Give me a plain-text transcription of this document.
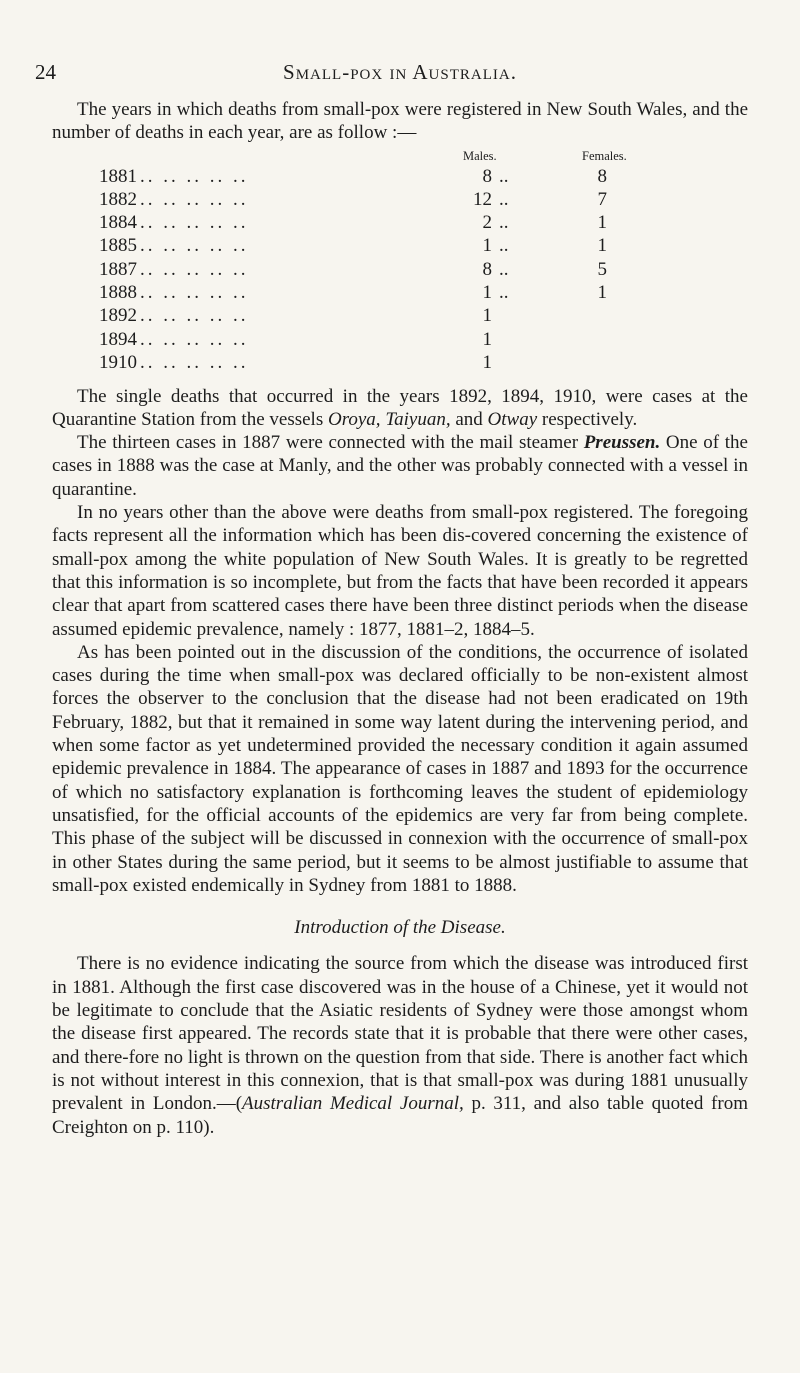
24	Small-pox in Australia.

The years in which deaths from small-pox were registered in New South Wales, and the number of deaths in each year, are as follow :—

Males.	Females.
1881 .. .. .. .. ..	8	8
..
1882 .. .. .. .. ..	12	7
..
1884 .. .. .. .. ..	2	1
..
1885 .. .. .. .. ..	1	1
..
1887 .. .. .. .. ..	8	5
..
1888 .. .. .. .. ..	1	1
..
1892 .. .. .. .. ..	1
1894 .. .. .. .. ..	1
1910 .. .. .. .. ..	1

The single deaths that occurred in the years 1892, 1894, 1910, were cases at the Quarantine Station from the vessels Oroya, Taiyuan, and Otway respectively.

The thirteen cases in 1887 were connected with the mail steamer Preussen. One of the cases in 1888 was the case at Manly, and the other was probably connected with a vessel in quarantine.

In no years other than the above were deaths from small-pox registered. The foregoing facts represent all the information which has been dis-covered concerning the existence of small-pox among the white population of New South Wales. It is greatly to be regretted that this information is so incomplete, but from the facts that have been recorded it appears clear that apart from scattered cases there have been three distinct periods when the disease assumed epidemic prevalence, namely : 1877, 1881–2, 1884–5.

As has been pointed out in the discussion of the conditions, the occurrence of isolated cases during the time when small-pox was declared officially to be non-existent almost forces the observer to the conclusion that the disease had not been eradicated on 19th February, 1882, but that it remained in some way latent during the intervening period, and when some factor as yet undetermined provided the necessary condition it again assumed epidemic prevalence in 1884. The appearance of cases in 1887 and 1893 for the occurrence of which no satisfactory explanation is forthcoming leaves the student of epidemiology unsatisfied, for the official accounts of the epidemics are very far from being complete. This phase of the subject will be discussed in connexion with the occurrence of small-pox in other States during the same period, but it seems to be almost justifiable to assume that small-pox existed endemically in Sydney from 1881 to 1888.

Introduction of the Disease.

There is no evidence indicating the source from which the disease was introduced first in 1881. Although the first case discovered was in the house of a Chinese, yet it would not be legitimate to conclude that the Asiatic residents of Sydney were those amongst whom the disease first appeared. The records state that it is probable that there were other cases, and there-fore no light is thrown on the question from that side. There is another fact which is not without interest in this connexion, that is that small-pox was during 1881 unusually prevalent in London.—(Australian Medical Journal, p. 311, and also table quoted from Creighton on p. 110).
